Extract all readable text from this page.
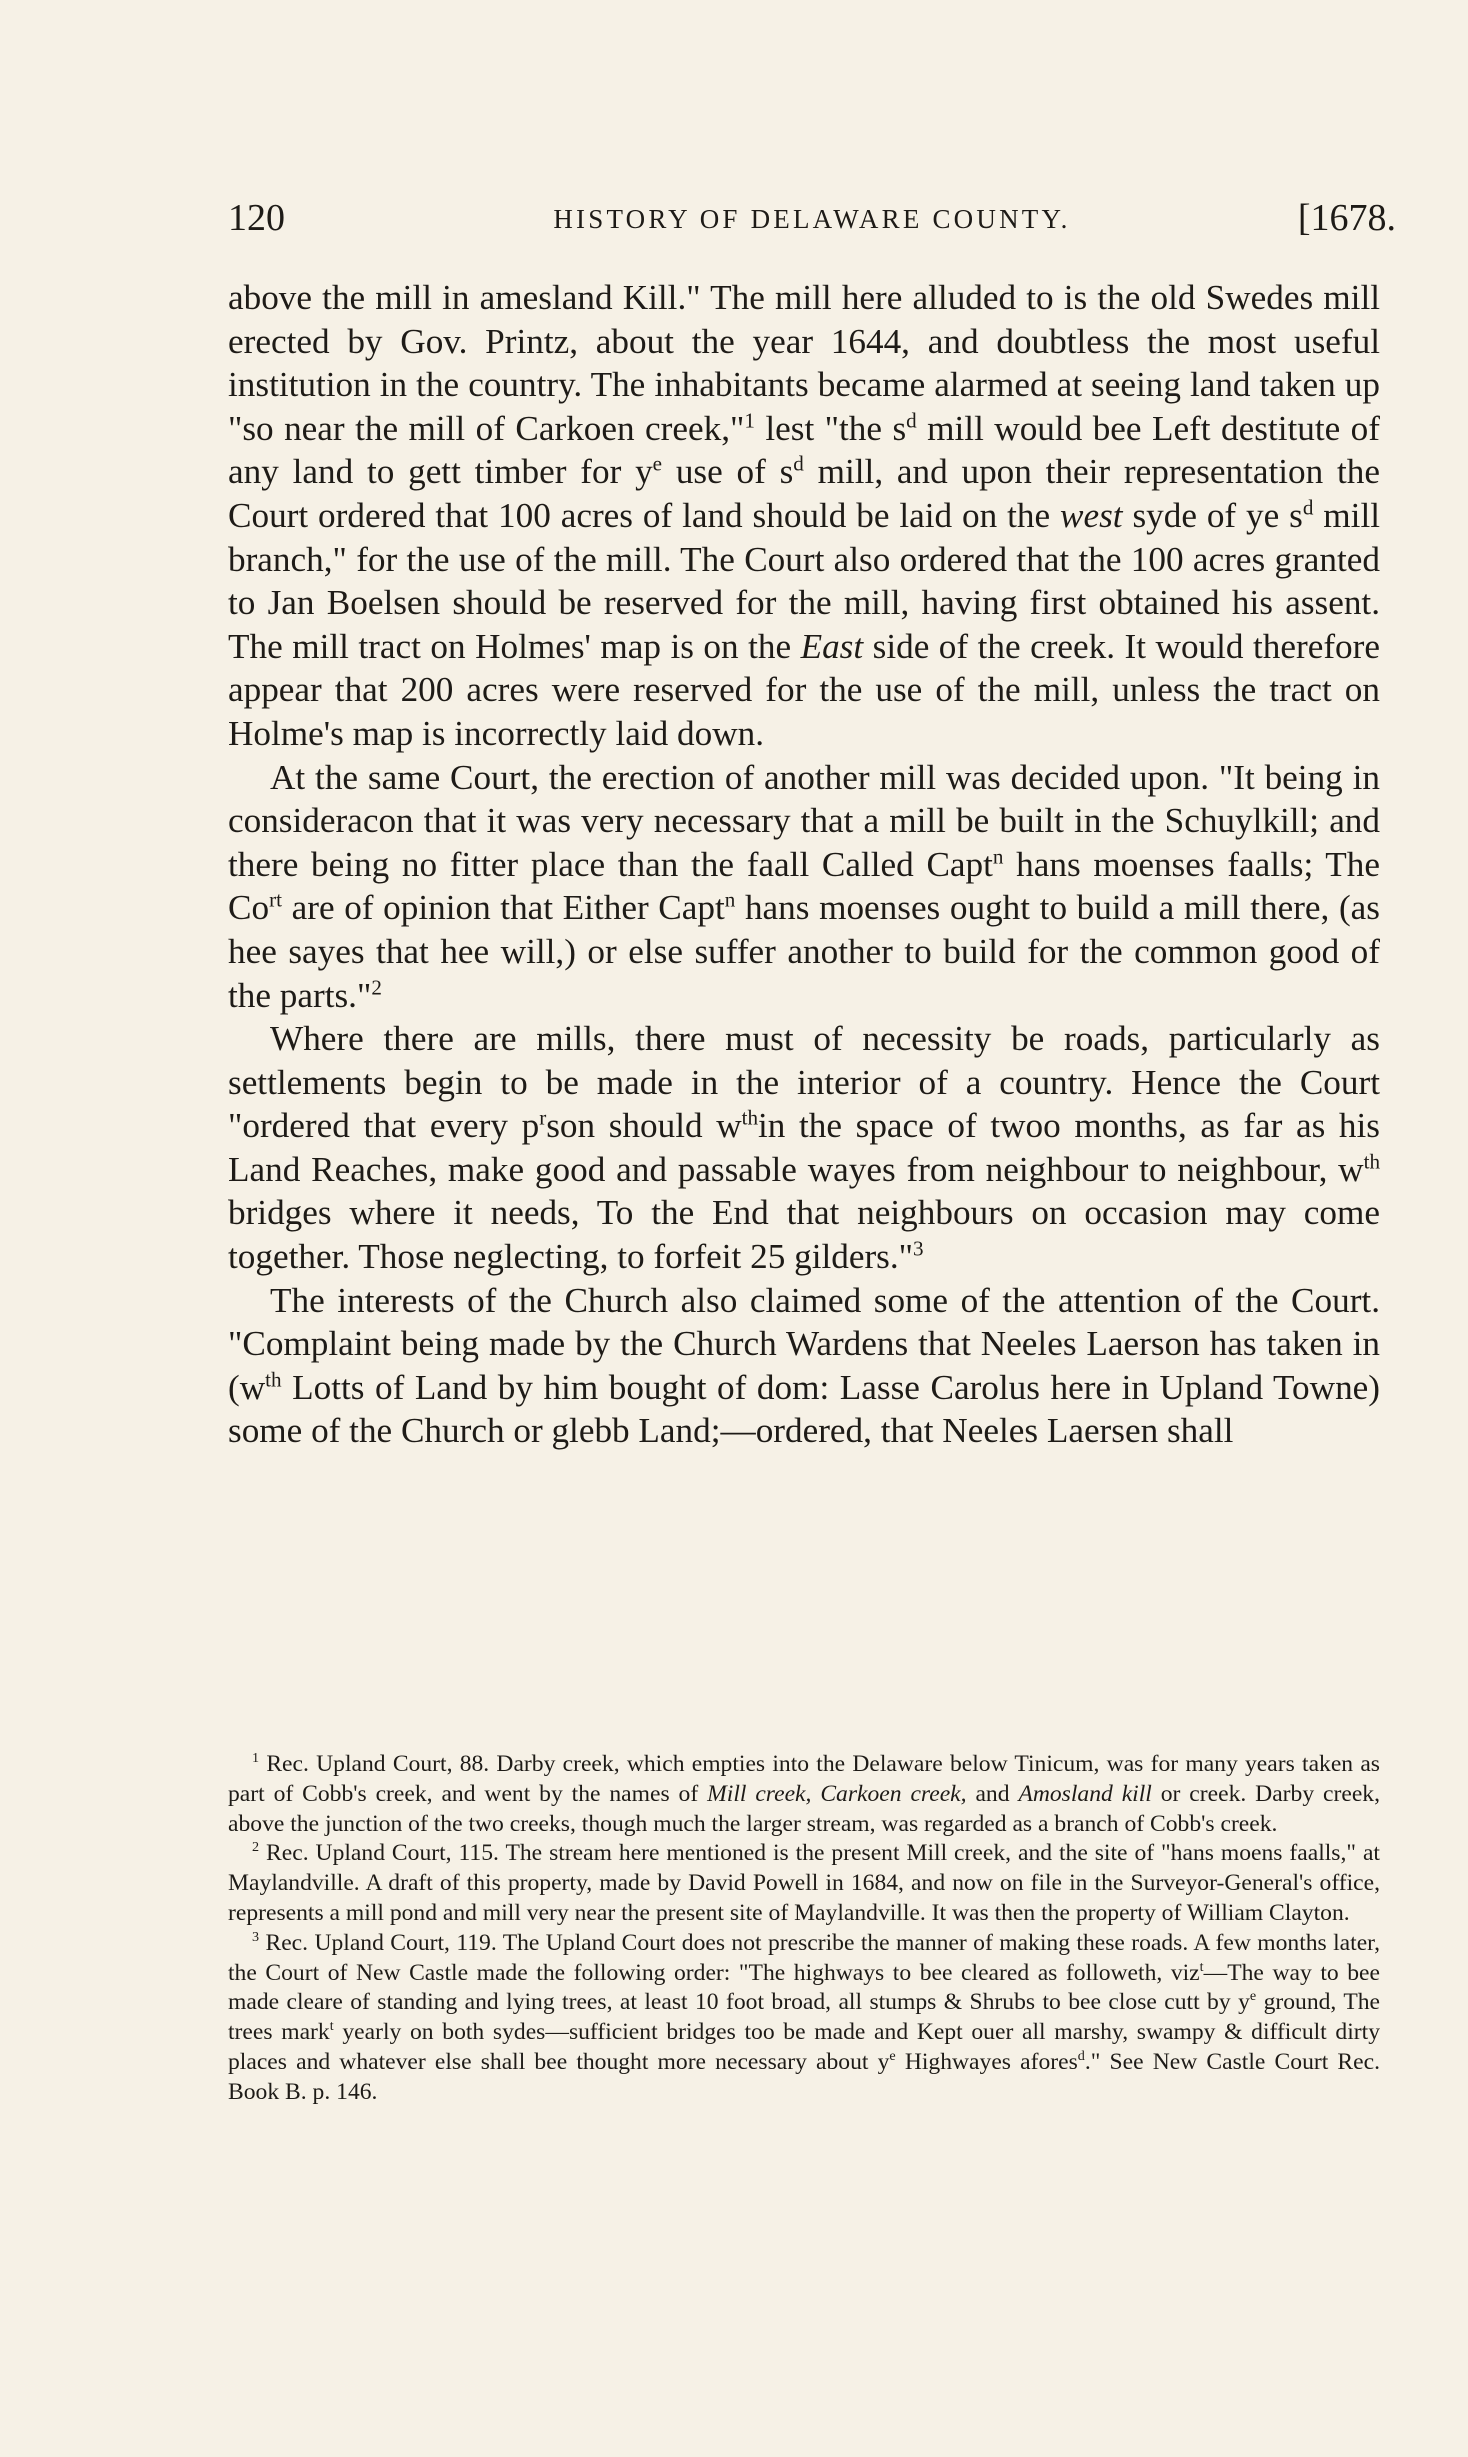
120	HISTORY OF DELAWARE COUNTY.	[1678.

above the mill in amesland Kill." The mill here alluded to is the old Swedes mill erected by Gov. Printz, about the year 1644, and doubtless the most useful institution in the country. The inhabitants became alarmed at seeing land taken up "so near the mill of Carkoen creek,"$^1$ lest "the $s^d$ mill would bee Left destitute of any land to gett timber for $y^e$ use of $s^d$ mill, and upon their representation the Court ordered that 100 acres of land should be laid on the west syde of ye $s^d$ mill branch," for the use of the mill. The Court also ordered that the 100 acres granted to Jan Boelsen should be reserved for the mill, having first obtained his assent. The mill tract on Holmes' map is on the East side of the creek. It would therefore appear that 200 acres were reserved for the use of the mill, unless the tract on Holme's map is incorrectly laid down.

At the same Court, the erection of another mill was decided upon. "It being in consideracon that it was very necessary that a mill be built in the Schuylkill; and there being no fitter place than the faall Called Capt$^n$ hans moenses faalls; The $Co^{rt}$ are of opinion that Either Capt$^n$ hans moenses ought to build a mill there, (as hee sayes that hee will,) or else suffer another to build for the common good of the parts."$^2$

Where there are mills, there must of necessity be roads, particularly as settlements begin to be made in the interior of a country. Hence the Court "ordered that every $p^rson$ should $w^{th}in$ the space of twoo months, as far as his Land Reaches, make good and passable wayes from neighbour to neighbour, $w^{th}$ bridges where it needs, To the End that neighbours on occasion may come together. Those neglecting, to forfeit 25 gilders."$^3$

The interests of the Church also claimed some of the attention of the Court. "Complaint being made by the Church Wardens that Neeles Laerson has taken in ($w^{th}$ Lotts of Land by him bought of dom: Lasse Carolus here in Upland Towne) some of the Church or glebb Land;—ordered, that Neeles Laersen shall

$^1$ Rec. Upland Court, 88. Darby creek, which empties into the Delaware below Tinicum, was for many years taken as part of Cobb's creek, and went by the names of Mill creek, Carkoen creek, and Amosland kill or creek. Darby creek, above the junction of the two creeks, though much the larger stream, was regarded as a branch of Cobb's creek.

$^2$ Rec. Upland Court, 115. The stream here mentioned is the present Mill creek, and the site of "hans moens faalls," at Maylandville. A draft of this property, made by David Powell in 1684, and now on file in the Surveyor-General's office, represents a mill pond and mill very near the present site of Maylandville. It was then the property of William Clayton.

$^3$ Rec. Upland Court, 119. The Upland Court does not prescribe the manner of making these roads. A few months later, the Court of New Castle made the following order: "The highways to bee cleared as followeth, viz$^t$—The way to bee made cleare of standing and lying trees, at least 10 foot broad, all stumps & Shrubs to bee close cutt by $y^e$ ground, The trees mark$^t$ yearly on both sydes—sufficient bridges too be made and Kept ouer all marshy, swampy & difficult dirty places and whatever else shall bee thought more necessary about $y^e$ Highwayes afores$^d$." See New Castle Court Rec. Book B. p. 146.
